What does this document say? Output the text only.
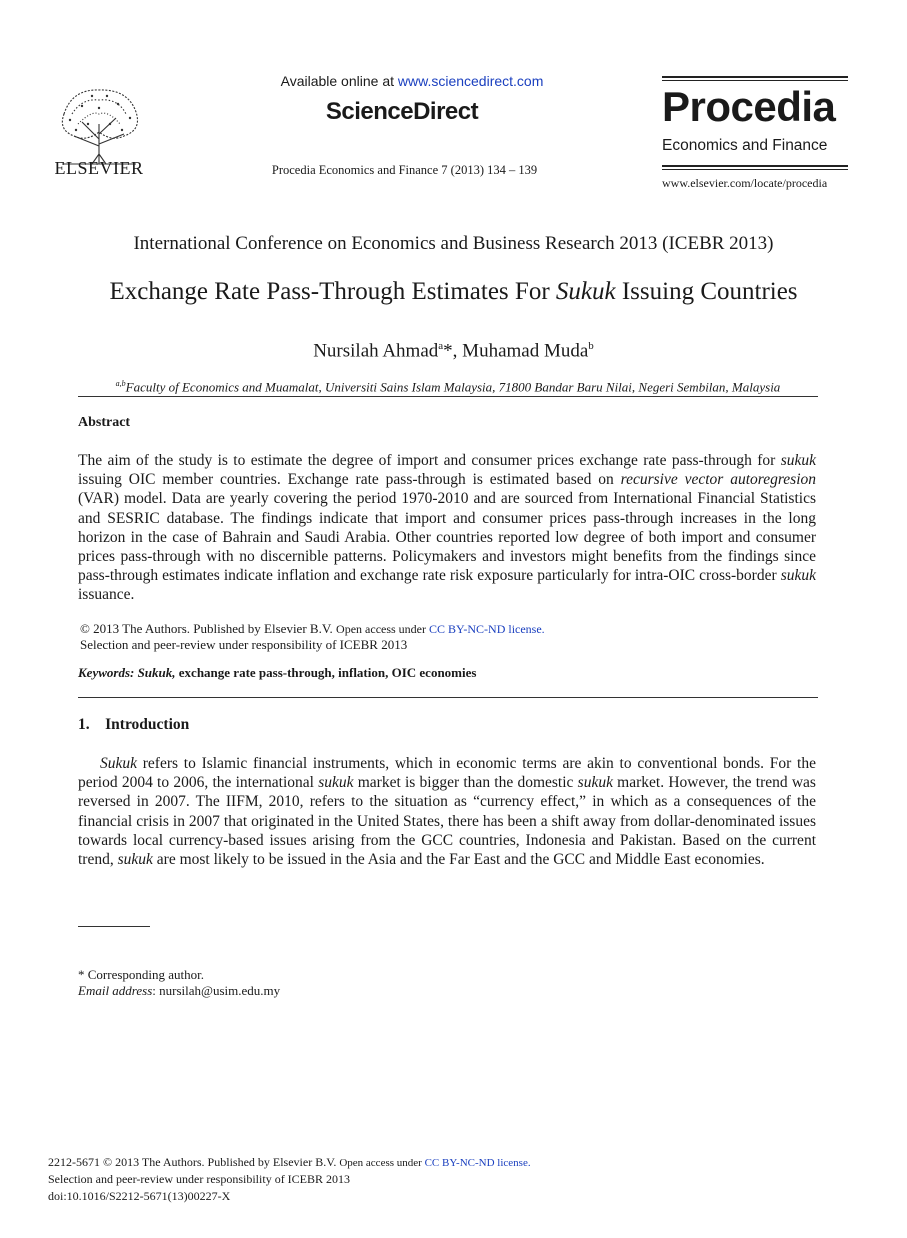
ELSEVIER
Available online at www.sciencedirect.com
ScienceDirect
Procedia Economics and Finance 7 (2013) 134 – 139
Procedia
Economics and Finance
www.elsevier.com/locate/procedia
International Conference on Economics and Business Research 2013 (ICEBR 2013)
Exchange Rate Pass-Through Estimates For Sukuk Issuing Countries
Nursilah Ahmad$^a$*, Muhamad Muda$^b$
$^{a,b}$Faculty of Economics and Muamalat, Universiti Sains Islam Malaysia, 71800 Bandar Baru Nilai, Negeri Sembilan, Malaysia
Abstract
The aim of the study is to estimate the degree of import and consumer prices exchange rate pass-through for sukuk issuing OIC member countries. Exchange rate pass-through is estimated based on recursive vector autoregresion (VAR) model. Data are yearly covering the period 1970-2010 and are sourced from International Financial Statistics and SESRIC database. The findings indicate that import and consumer prices pass-through increases in the long horizon in the case of Bahrain and Saudi Arabia. Other countries reported low degree of both import and consumer prices pass-through with no discernible patterns. Policymakers and investors might benefits from the findings since pass-through estimates indicate inflation and exchange rate risk exposure particularly for intra-OIC cross-border sukuk issuance.
© 2013 The Authors. Published by Elsevier B.V. Open access under CC BY-NC-ND license.
Selection and peer-review under responsibility of ICEBR 2013
Keywords: Sukuk, exchange rate pass-through, inflation, OIC economies
1.    Introduction
Sukuk refers to Islamic financial instruments, which in economic terms are akin to conventional bonds. For the period 2004 to 2006, the international sukuk market is bigger than the domestic sukuk market. However, the trend was reversed in 2007. The IIFM, 2010, refers to the situation as “currency effect,” in which as a consequences of the financial crisis in 2007 that originated in the United States, there has been a shift away from dollar-denominated issues towards local currency-based issues arising from the GCC countries, Indonesia and Pakistan. Based on the current trend, sukuk are most likely to be issued in the Asia and the Far East and the GCC and Middle East economies.
* Corresponding author.
Email address: nursilah@usim.edu.my
2212-5671 © 2013 The Authors. Published by Elsevier B.V. Open access under CC BY-NC-ND license.
Selection and peer-review under responsibility of ICEBR 2013
doi:10.1016/S2212-5671(13)00227-X
